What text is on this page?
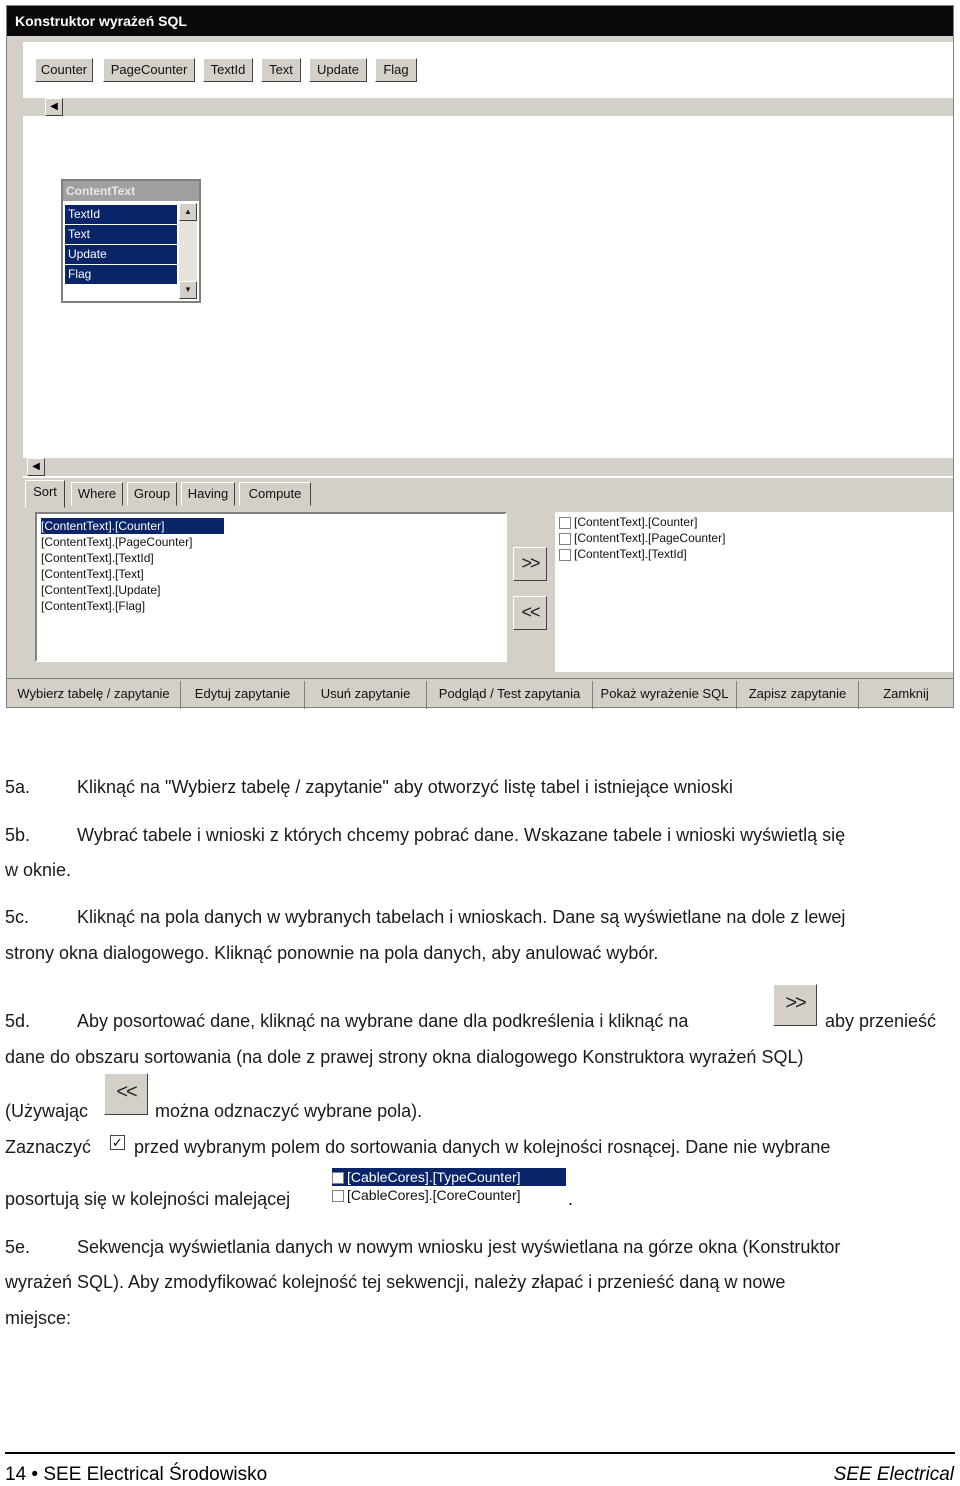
Konstruktor wyrażeń SQL
Counter	PageCounter	TextId	Text	Update	Flag
◀
ContentText
TextId
Text
Update
Flag
▲
▼
◀
Sort	Where	Group	Having	Compute
[ContentText].[Counter]
[ContentText].[PageCounter]
[ContentText].[TextId]
[ContentText].[Text]
[ContentText].[Update]
[ContentText].[Flag]
>>
<<
[ContentText].[Counter]
[ContentText].[PageCounter]
[ContentText].[TextId]
Wybierz tabelę / zapytanie	Edytuj zapytanie	Usuń zapytanie	Podgląd / Test zapytania	Pokaż wyrażenie SQL	Zapisz zapytanie	Zamknij
5a.	Kliknąć na "Wybierz tabelę / zapytanie" aby otworzyć listę tabel i istniejące wnioski
5b.	Wybrać tabele i wnioski z których chcemy pobrać dane. Wskazane tabele i wnioski wyświetlą się
w oknie.
5c.	Kliknąć na pola danych w wybranych tabelach i wnioskach. Dane są wyświetlane na dole z lewej
strony okna dialogowego. Kliknąć ponownie na pola danych, aby anulować wybór.
5d.	Aby posortować dane, kliknąć na wybrane dane dla podkreślenia i kliknąć na
>>
aby przenieść
dane do obszaru sortowania (na dole z prawej strony okna dialogowego Konstruktora wyrażeń SQL)
(Używając
<<
można odznaczyć wybrane pola).
Zaznaczyć	✓ przed wybranym polem do sortowania danych w kolejności rosnącej. Dane nie wybrane
posortują się w kolejności malejącej
[CableCores].[TypeCounter]
[CableCores].[CoreCounter]	.
5e.	Sekwencja wyświetlania danych w nowym wniosku jest wyświetlana na górze okna (Konstruktor
wyrażeń SQL). Aby zmodyfikować kolejność tej sekwencji, należy złapać i przenieść daną w nowe
miejsce:
14 • SEE Electrical Środowisko	SEE Electrical
